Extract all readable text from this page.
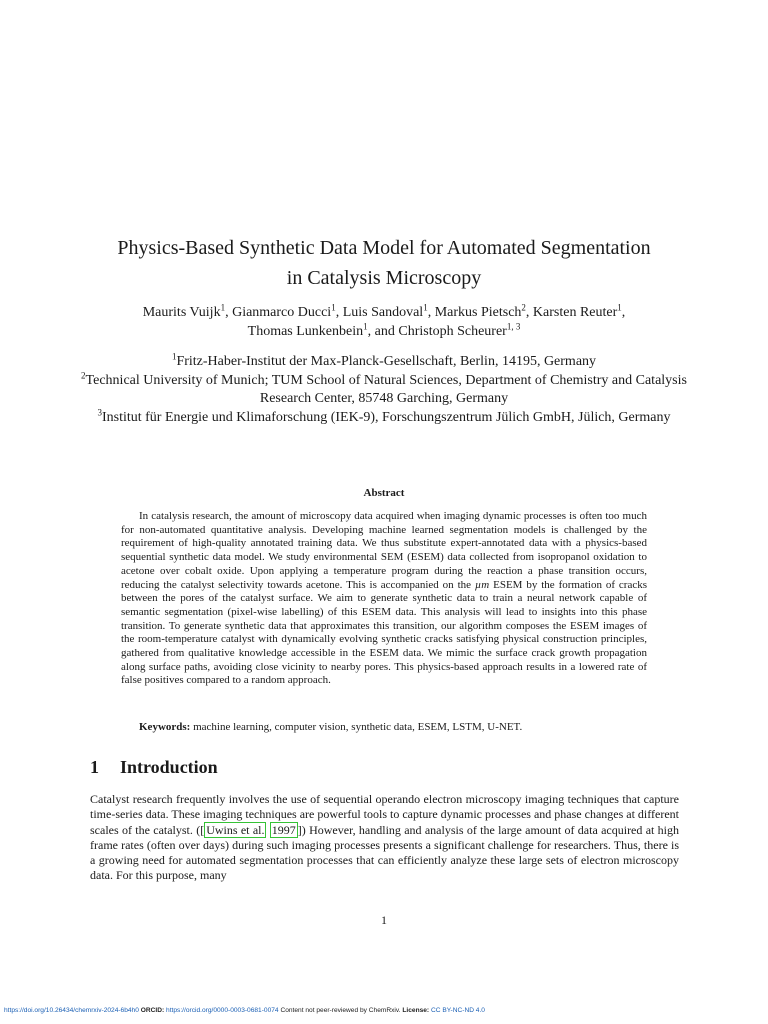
Physics-Based Synthetic Data Model for Automated Segmentation
in Catalysis Microscopy
Maurits Vuijk$^1$, Gianmarco Ducci$^1$, Luis Sandoval$^1$, Markus Pietsch$^2$, Karsten Reuter$^1$,
Thomas Lunkenbein$^1$, and Christoph Scheurer$^{1, 3}$
$^1$Fritz-Haber-Institut der Max-Planck-Gesellschaft, Berlin, 14195, Germany
$^2$Technical University of Munich; TUM School of Natural Sciences, Department of Chemistry and Catalysis Research Center, 85748 Garching, Germany
$^3$Institut für Energie und Klimaforschung (IEK-9), Forschungszentrum Jülich GmbH, Jülich, Germany
Abstract

In catalysis research, the amount of microscopy data acquired when imaging dynamic processes is often too much for non-automated quantitative analysis. Developing machine learned segmentation models is challenged by the requirement of high-quality annotated training data. We thus substitute expert-annotated data with a physics-based sequential synthetic data model. We study environmental SEM (ESEM) data collected from isopropanol oxidation to acetone over cobalt oxide. Upon applying a temperature program during the reaction a phase transition occurs, reducing the catalyst selectivity towards acetone. This is accompanied on the µm ESEM by the formation of cracks between the pores of the catalyst surface. We aim to generate synthetic data to train a neural network capable of semantic segmentation (pixel-wise labelling) of this ESEM data. This analysis will lead to insights into this phase transition. To generate synthetic data that approximates this transition, our algorithm composes the ESEM images of the room-temperature catalyst with dynamically evolving synthetic cracks satisfying physical construction principles, gathered from qualitative knowledge accessible in the ESEM data. We mimic the surface crack growth propagation along surface paths, avoiding close vicinity to nearby pores. This physics-based approach results in a lowered rate of false positives compared to a random approach.

Keywords: machine learning, computer vision, synthetic data, ESEM, LSTM, U-NET.
1 Introduction

Catalyst research frequently involves the use of sequential operando electron microscopy imaging techniques that capture time-series data. These imaging techniques are powerful tools to capture dynamic processes and phase changes at different scales of the catalyst. ([ Uwins et al. 1997 ]) However, handling and analysis of the large amount of data acquired at high frame rates (often over days) during such imaging processes presents a significant challenge for researchers. Thus, there is a growing need for automated segmentation processes that can efficiently analyze these large sets of electron microscopy data. For this purpose, many

1
https://doi.org/10.26434/chemrxiv-2024-6b4h0 ORCID: https://orcid.org/0000-0003-0681-0074 Content not peer-reviewed by ChemRxiv. License: CC BY-NC-ND 4.0
